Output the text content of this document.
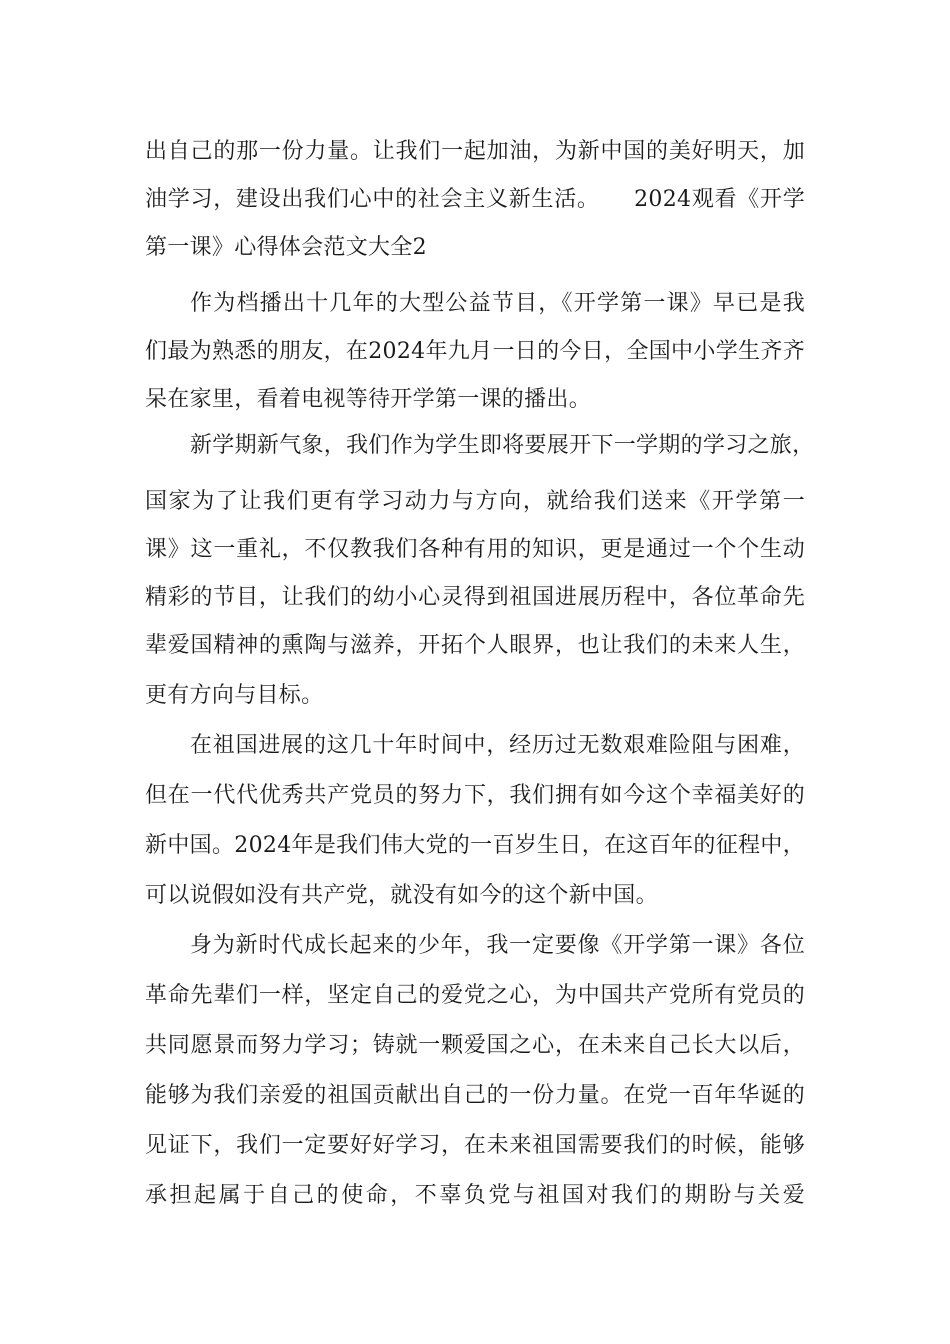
出自己的那一份力量。让我们一起加油，为新中国的美好明天，加
油学习，建设出我们心中的社会主义新生活。　　2024观看《开学
第一课》心得体会范文大全2
作为档播出十几年的大型公益节目，《开学第一课》早已是我
们最为熟悉的朋友，在2024年九月一日的今日，全国中小学生齐齐
呆在家里，看着电视等待开学第一课的播出。
新学期新气象，我们作为学生即将要展开下一学期的学习之旅，
国家为了让我们更有学习动力与方向，就给我们送来《开学第一
课》这一重礼，不仅教我们各种有用的知识，更是通过一个个生动
精彩的节目，让我们的幼小心灵得到祖国进展历程中，各位革命先
辈爱国精神的熏陶与滋养，开拓个人眼界，也让我们的未来人生，
更有方向与目标。
在祖国进展的这几十年时间中，经历过无数艰难险阻与困难，
但在一代代优秀共产党员的努力下，我们拥有如今这个幸福美好的
新中国。2024年是我们伟大党的一百岁生日，在这百年的征程中，
可以说假如没有共产党，就没有如今的这个新中国。
身为新时代成长起来的少年，我一定要像《开学第一课》各位
革命先辈们一样，坚定自己的爱党之心，为中国共产党所有党员的
共同愿景而努力学习；铸就一颗爱国之心，在未来自己长大以后，
能够为我们亲爱的祖国贡献出自己的一份力量。在党一百年华诞的
见证下，我们一定要好好学习，在未来祖国需要我们的时候，能够
承担起属于自己的使命，不辜负党与祖国对我们的期盼与关爱
